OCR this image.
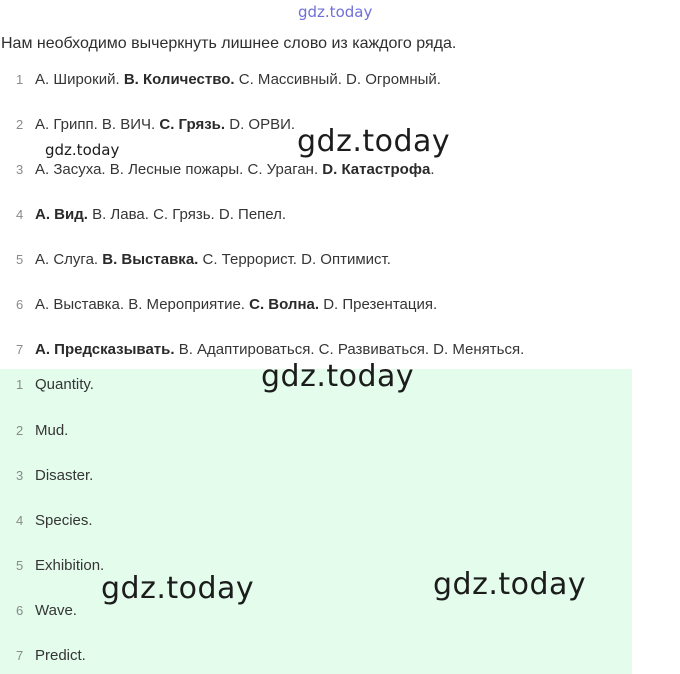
gdz.today
Нам необходимо вычеркнуть лишнее слово из каждого ряда.
1 A. Широкий. B. Количество. C. Массивный. D. Огромный.
2 A. Грипп. B. ВИЧ. C. Грязь. D. ОРВИ.
3 A. Засуха. B. Лесные пожары. C. Ураган. D. Катастрофа.
4 A. Вид. B. Лава. C. Грязь. D. Пепел.
5 A. Слуга. B. Выставка. C. Террорист. D. Оптимист.
6 A. Выставка. B. Мероприятие. C. Волна. D. Презентация.
7 A. Предсказывать. B. Адаптироваться. C. Развиваться. D. Меняться.
1 Quantity.
2 Mud.
3 Disaster.
4 Species.
5 Exhibition.
6 Wave.
7 Predict.
gdz.today
gdz.today
gdz.today
gdz.today	gdz.today
